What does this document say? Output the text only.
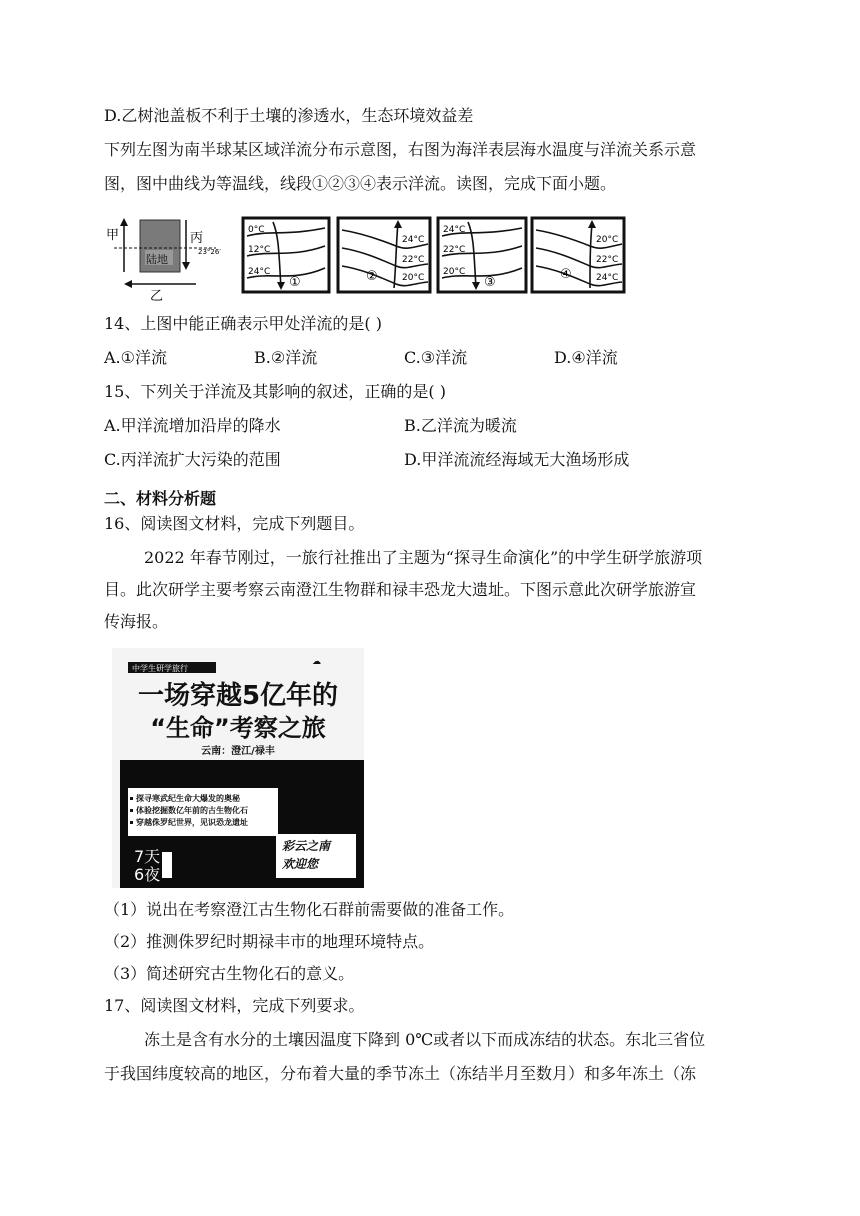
D.乙树池盖板不利于土壤的渗透水，生态环境效益差
下列左图为南半球某区域洋流分布示意图，右图为海洋表层海水温度与洋流关系示意
图，图中曲线为等温线，线段①②③④表示洋流。读图，完成下面小题。
甲
陆地
丙
23°26′
乙
0°C
12°C
24°C
①
24°C
22°C
20°C
②
24°C
22°C
20°C
③
20°C
22°C
24°C
④
14、上图中能正确表示甲处洋流的是( )
A.①洋流	B.②洋流	C.③洋流	D.④洋流
15、下列关于洋流及其影响的叙述，正确的是( )
A.甲洋流增加沿岸的降水	B.乙洋流为暖流
C.丙洋流扩大污染的范围	D.甲洋流流经海域无大渔场形成
二、材料分析题
16、阅读图文材料，完成下列题目。
2022 年春节刚过，一旅行社推出了主题为“探寻生命演化”的中学生研学旅游项
目。此次研学主要考察云南澄江生物群和禄丰恐龙大遗址。下图示意此次研学旅游宣
传海报。
中学生研学旅行
☁
一场穿越5亿年的
“生命”考察之旅
云南：澄江/禄丰
探寻寒武纪生命大爆发的奥秘
体验挖掘数亿年前的古生物化石
穿越侏罗纪世界，见识恐龙遗址
彩云之南
欢迎您
7天
6夜
（1）说出在考察澄江古生物化石群前需要做的准备工作。
（2）推测侏罗纪时期禄丰市的地理环境特点。
（3）简述研究古生物化石的意义。
17、阅读图文材料，完成下列要求。
冻土是含有水分的土壤因温度下降到 0℃或者以下而成冻结的状态。东北三省位
于我国纬度较高的地区，分布着大量的季节冻土（冻结半月至数月）和多年冻土（冻
